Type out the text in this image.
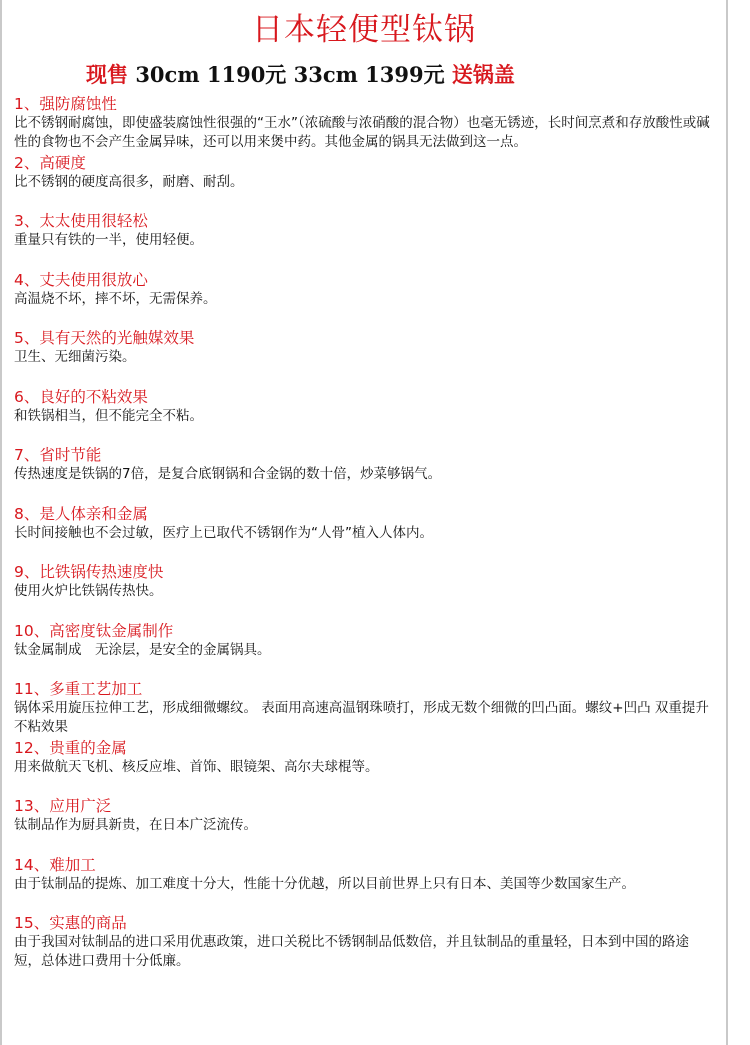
日本轻便型钛锅
现售 30cm 1190元 33cm 1399元 送锅盖
1、强防腐蚀性
比不锈钢耐腐蚀，即使盛装腐蚀性很强的“王水”（浓硫酸与浓硝酸的混合物）也毫无锈迹，长时间烹煮和存放酸性或碱性的食物也不会产生金属异味，还可以用来煲中药。其他金属的锅具无法做到这一点。
2、高硬度
比不锈钢的硬度高很多，耐磨、耐刮。
3、太太使用很轻松
重量只有铁的一半，使用轻便。
4、丈夫使用很放心
高温烧不坏，摔不坏，无需保养。
5、具有天然的光触媒效果
卫生、无细菌污染。
6、良好的不粘效果
和铁锅相当，但不能完全不粘。
7、省时节能
传热速度是铁锅的7倍，是复合底钢锅和合金锅的数十倍，炒菜够锅气。
8、是人体亲和金属
长时间接触也不会过敏，医疗上已取代不锈钢作为“人骨”植入人体内。
9、比铁锅传热速度快
使用火炉比铁锅传热快。
10、高密度钛金属制作
钛金属制成　无涂层，是安全的金属锅具。
11、多重工艺加工
锅体采用旋压拉伸工艺，形成细微螺纹。 表面用高速高温钢珠喷打，形成无数个细微的凹凸面。螺纹+凹凸 双重提升不粘效果
12、贵重的金属
用来做航天飞机、核反应堆、首饰、眼镜架、高尔夫球棍等。
13、应用广泛
钛制品作为厨具新贵，在日本广泛流传。
14、难加工
由于钛制品的提炼、加工难度十分大，性能十分优越，所以目前世界上只有日本、美国等少数国家生产。
15、实惠的商品
由于我国对钛制品的进口采用优惠政策，进口关税比不锈钢制品低数倍，并且钛制品的重量轻，日本到中国的路途短，总体进口费用十分低廉。
